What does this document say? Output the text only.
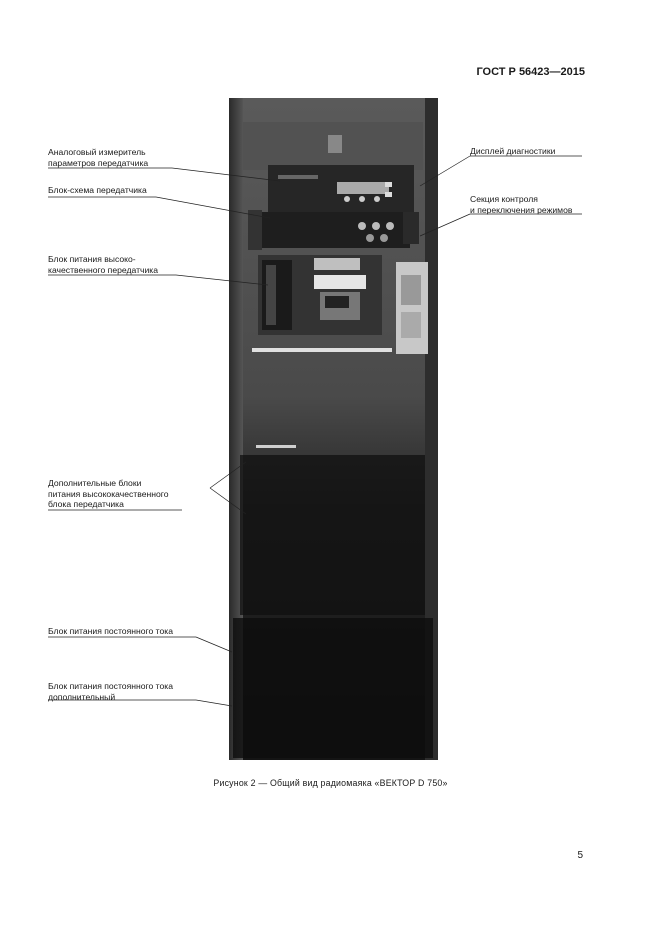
ГОСТ Р 56423—2015
Аналоговый измеритель
параметров передатчика
Блок-схема передатчика
Блок питания высоко-
качественного передатчика
Дополнительные блоки
питания высококачественного
блока передатчика
Блок питания постоянного тока
Блок питания постоянного тока
дополнительный
Дисплей диагностики
Секция контроля
и переключения режимов
Рисунок 2 — Общий вид радиомаяка «ВЕКТОР D 750»
5
